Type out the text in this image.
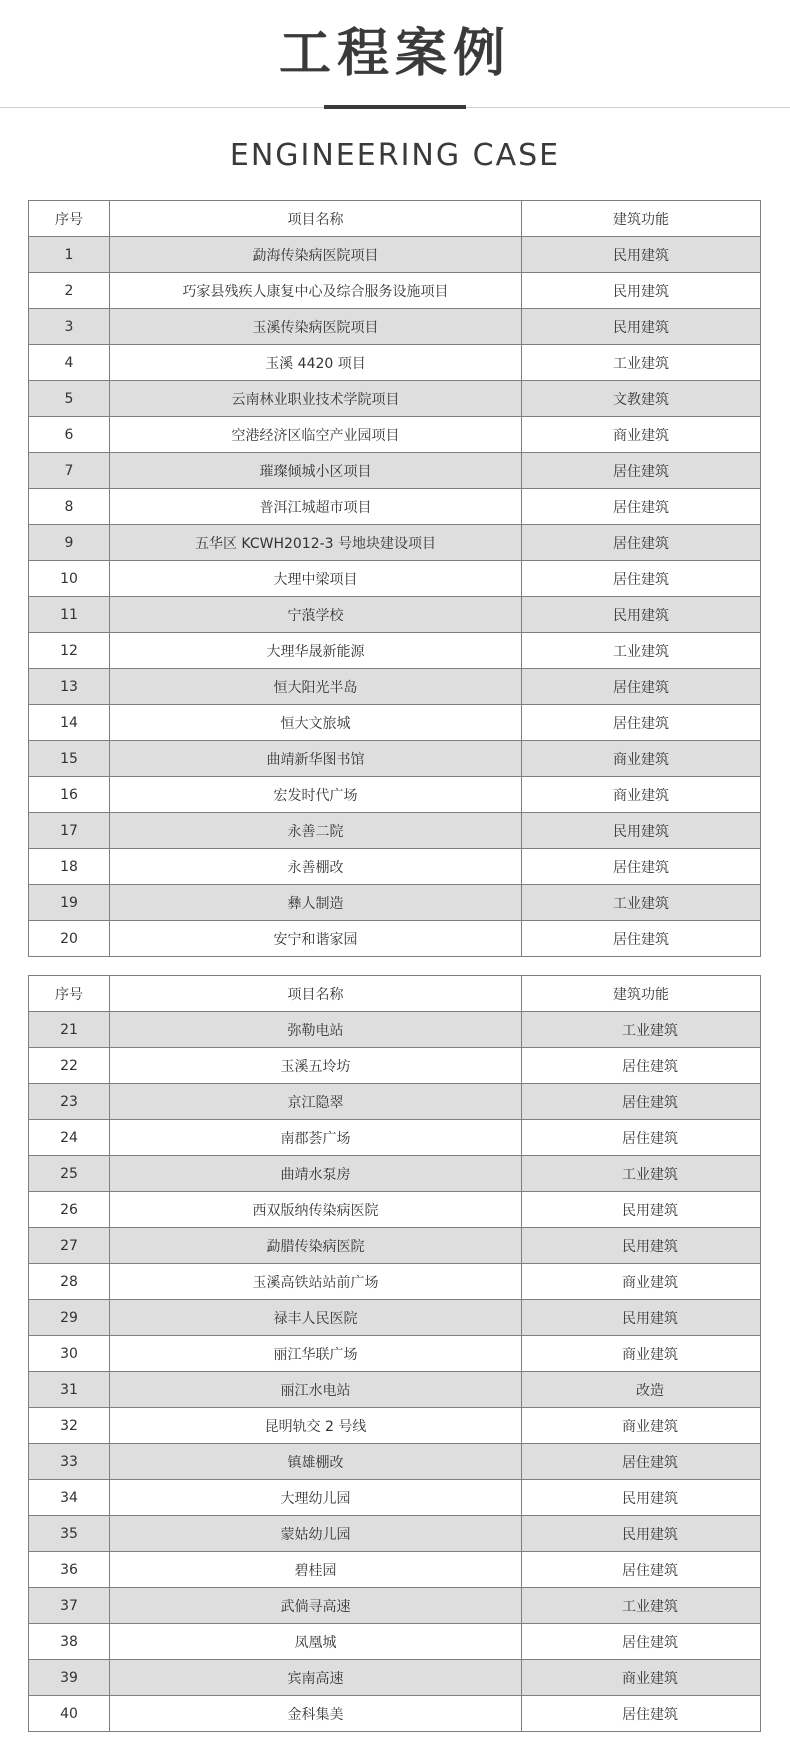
工程案例
ENGINEERING CASE
序号	项目名称	建筑功能
1	勐海传染病医院项目	民用建筑
2	巧家县残疾人康复中心及综合服务设施项目	民用建筑
3	玉溪传染病医院项目	民用建筑
4	玉溪 4420 项目	工业建筑
5	云南林业职业技术学院项目	文教建筑
6	空港经济区临空产业园项目	商业建筑
7	璀璨倾城小区项目	居住建筑
8	普洱江城超市项目	居住建筑
9	五华区 KCWH2012-3 号地块建设项目	居住建筑
10	大理中梁项目	居住建筑
11	宁蒗学校	民用建筑
12	大理华晟新能源	工业建筑
13	恒大阳光半岛	居住建筑
14	恒大文旅城	居住建筑
15	曲靖新华图书馆	商业建筑
16	宏发时代广场	商业建筑
17	永善二院	民用建筑
18	永善棚改	居住建筑
19	彝人制造	工业建筑
20	安宁和谐家园	居住建筑
序号	项目名称	建筑功能
21	弥勒电站	工业建筑
22	玉溪五坽坊	居住建筑
23	京江隐翠	居住建筑
24	南郡荟广场	居住建筑
25	曲靖水泵房	工业建筑
26	西双版纳传染病医院	民用建筑
27	勐腊传染病医院	民用建筑
28	玉溪高铁站站前广场	商业建筑
29	禄丰人民医院	民用建筑
30	丽江华联广场	商业建筑
31	丽江水电站	改造
32	昆明轨交 2 号线	商业建筑
33	镇雄棚改	居住建筑
34	大理幼儿园	民用建筑
35	蒙姑幼儿园	民用建筑
36	碧桂园	居住建筑
37	武倘寻高速	工业建筑
38	凤凰城	居住建筑
39	宾南高速	商业建筑
40	金科集美	居住建筑
